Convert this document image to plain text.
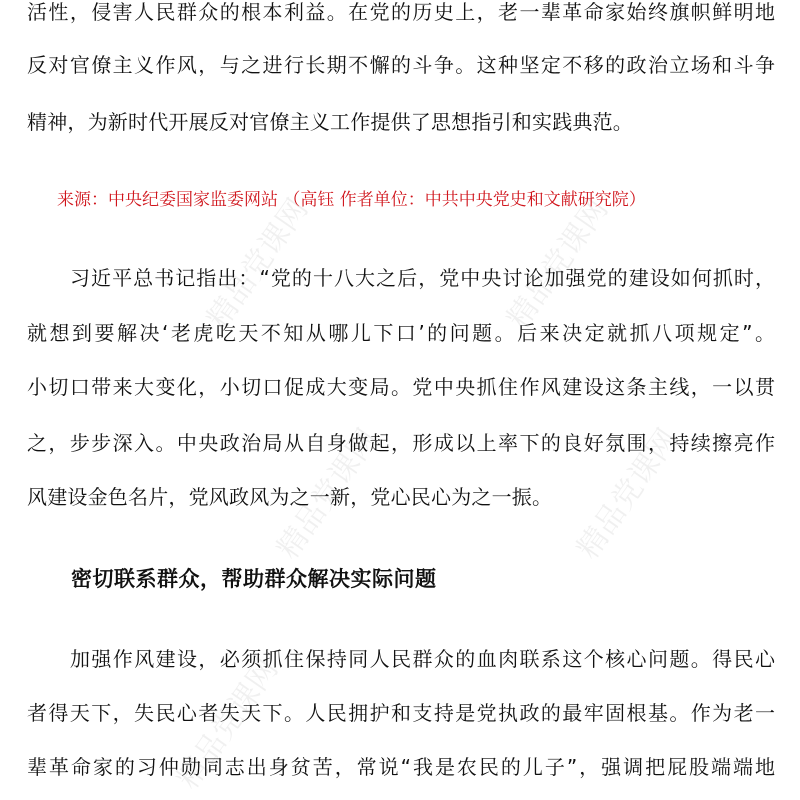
精品党课网	精品党课网
精品党课网	精品党课网
精品党课网
活性，侵害人民群众的根本利益。在党的历史上，老一辈革命家始终旗帜鲜明地
反对官僚主义作风，与之进行长期不懈的斗争。这种坚定不移的政治立场和斗争
精神，为新时代开展反对官僚主义工作提供了思想指引和实践典范。
来源：中央纪委国家监委网站 （高钰 作者单位：中共中央党史和文献研究院）
习近平总书记指出：“党的十八大之后，党中央讨论加强党的建设如何抓时，
就想到要解决‘老虎吃天不知从哪儿下口’的问题。后来决定就抓八项规定”。
小切口带来大变化，小切口促成大变局。党中央抓住作风建设这条主线，一以贯
之，步步深入。中央政治局从自身做起，形成以上率下的良好氛围，持续擦亮作
风建设金色名片，党风政风为之一新，党心民心为之一振。
密切联系群众，帮助群众解决实际问题
加强作风建设，必须抓住保持同人民群众的血肉联系这个核心问题。得民心
者得天下，失民心者失天下。人民拥护和支持是党执政的最牢固根基。作为老一
辈革命家的习仲勋同志出身贫苦，常说“我是农民的儿子”，强调把屁股端端地
